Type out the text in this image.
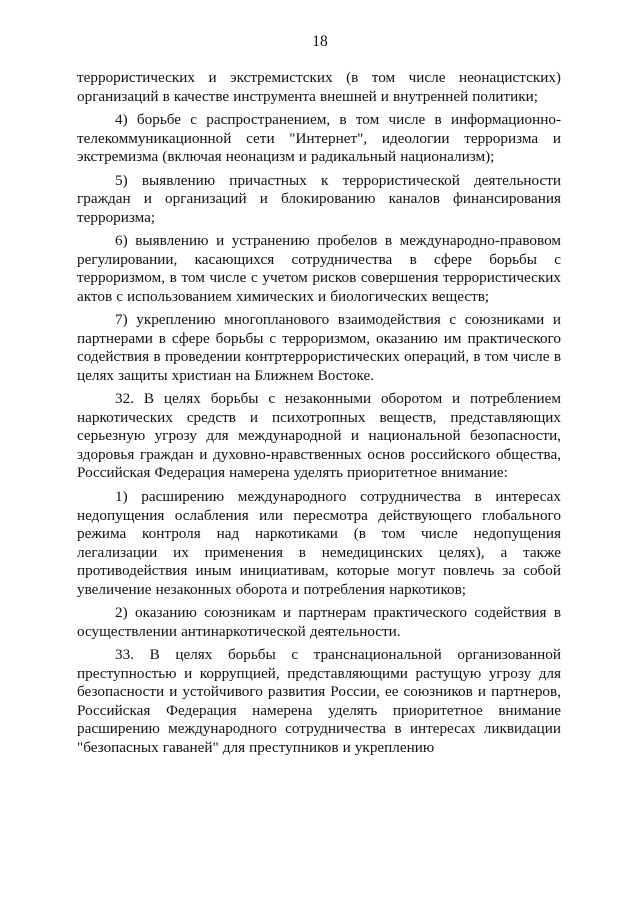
18

террористических и экстремистских (в том числе неонацистских) организаций в качестве инструмента внешней и внутренней политики;

4) борьбе с распространением, в том числе в информационно-телекоммуникационной сети "Интернет", идеологии терроризма и экстремизма (включая неонацизм и радикальный национализм);

5) выявлению причастных к террористической деятельности граждан и организаций и блокированию каналов финансирования терроризма;

6) выявлению и устранению пробелов в международно-правовом регулировании, касающихся сотрудничества в сфере борьбы с терроризмом, в том числе с учетом рисков совершения террористических актов с использованием химических и биологических веществ;

7) укреплению многопланового взаимодействия с союзниками и партнерами в сфере борьбы с терроризмом, оказанию им практического содействия в проведении контртеррористических операций, в том числе в целях защиты христиан на Ближнем Востоке.

32. В целях борьбы с незаконными оборотом и потреблением наркотических средств и психотропных веществ, представляющих серьезную угрозу для международной и национальной безопасности, здоровья граждан и духовно-нравственных основ российского общества, Российская Федерация намерена уделять приоритетное внимание:

1) расширению международного сотрудничества в интересах недопущения ослабления или пересмотра действующего глобального режима контроля над наркотиками (в том числе недопущения легализации их применения в немедицинских целях), а также противодействия иным инициативам, которые могут повлечь за собой увеличение незаконных оборота и потребления наркотиков;

2) оказанию союзникам и партнерам практического содействия в осуществлении антинаркотической деятельности.

33. В целях борьбы с транснациональной организованной преступностью и коррупцией, представляющими растущую угрозу для безопасности и устойчивого развития России, ее союзников и партнеров, Российская Федерация намерена уделять приоритетное внимание расширению международного сотрудничества в интересах ликвидации "безопасных гаваней" для преступников и укреплению
